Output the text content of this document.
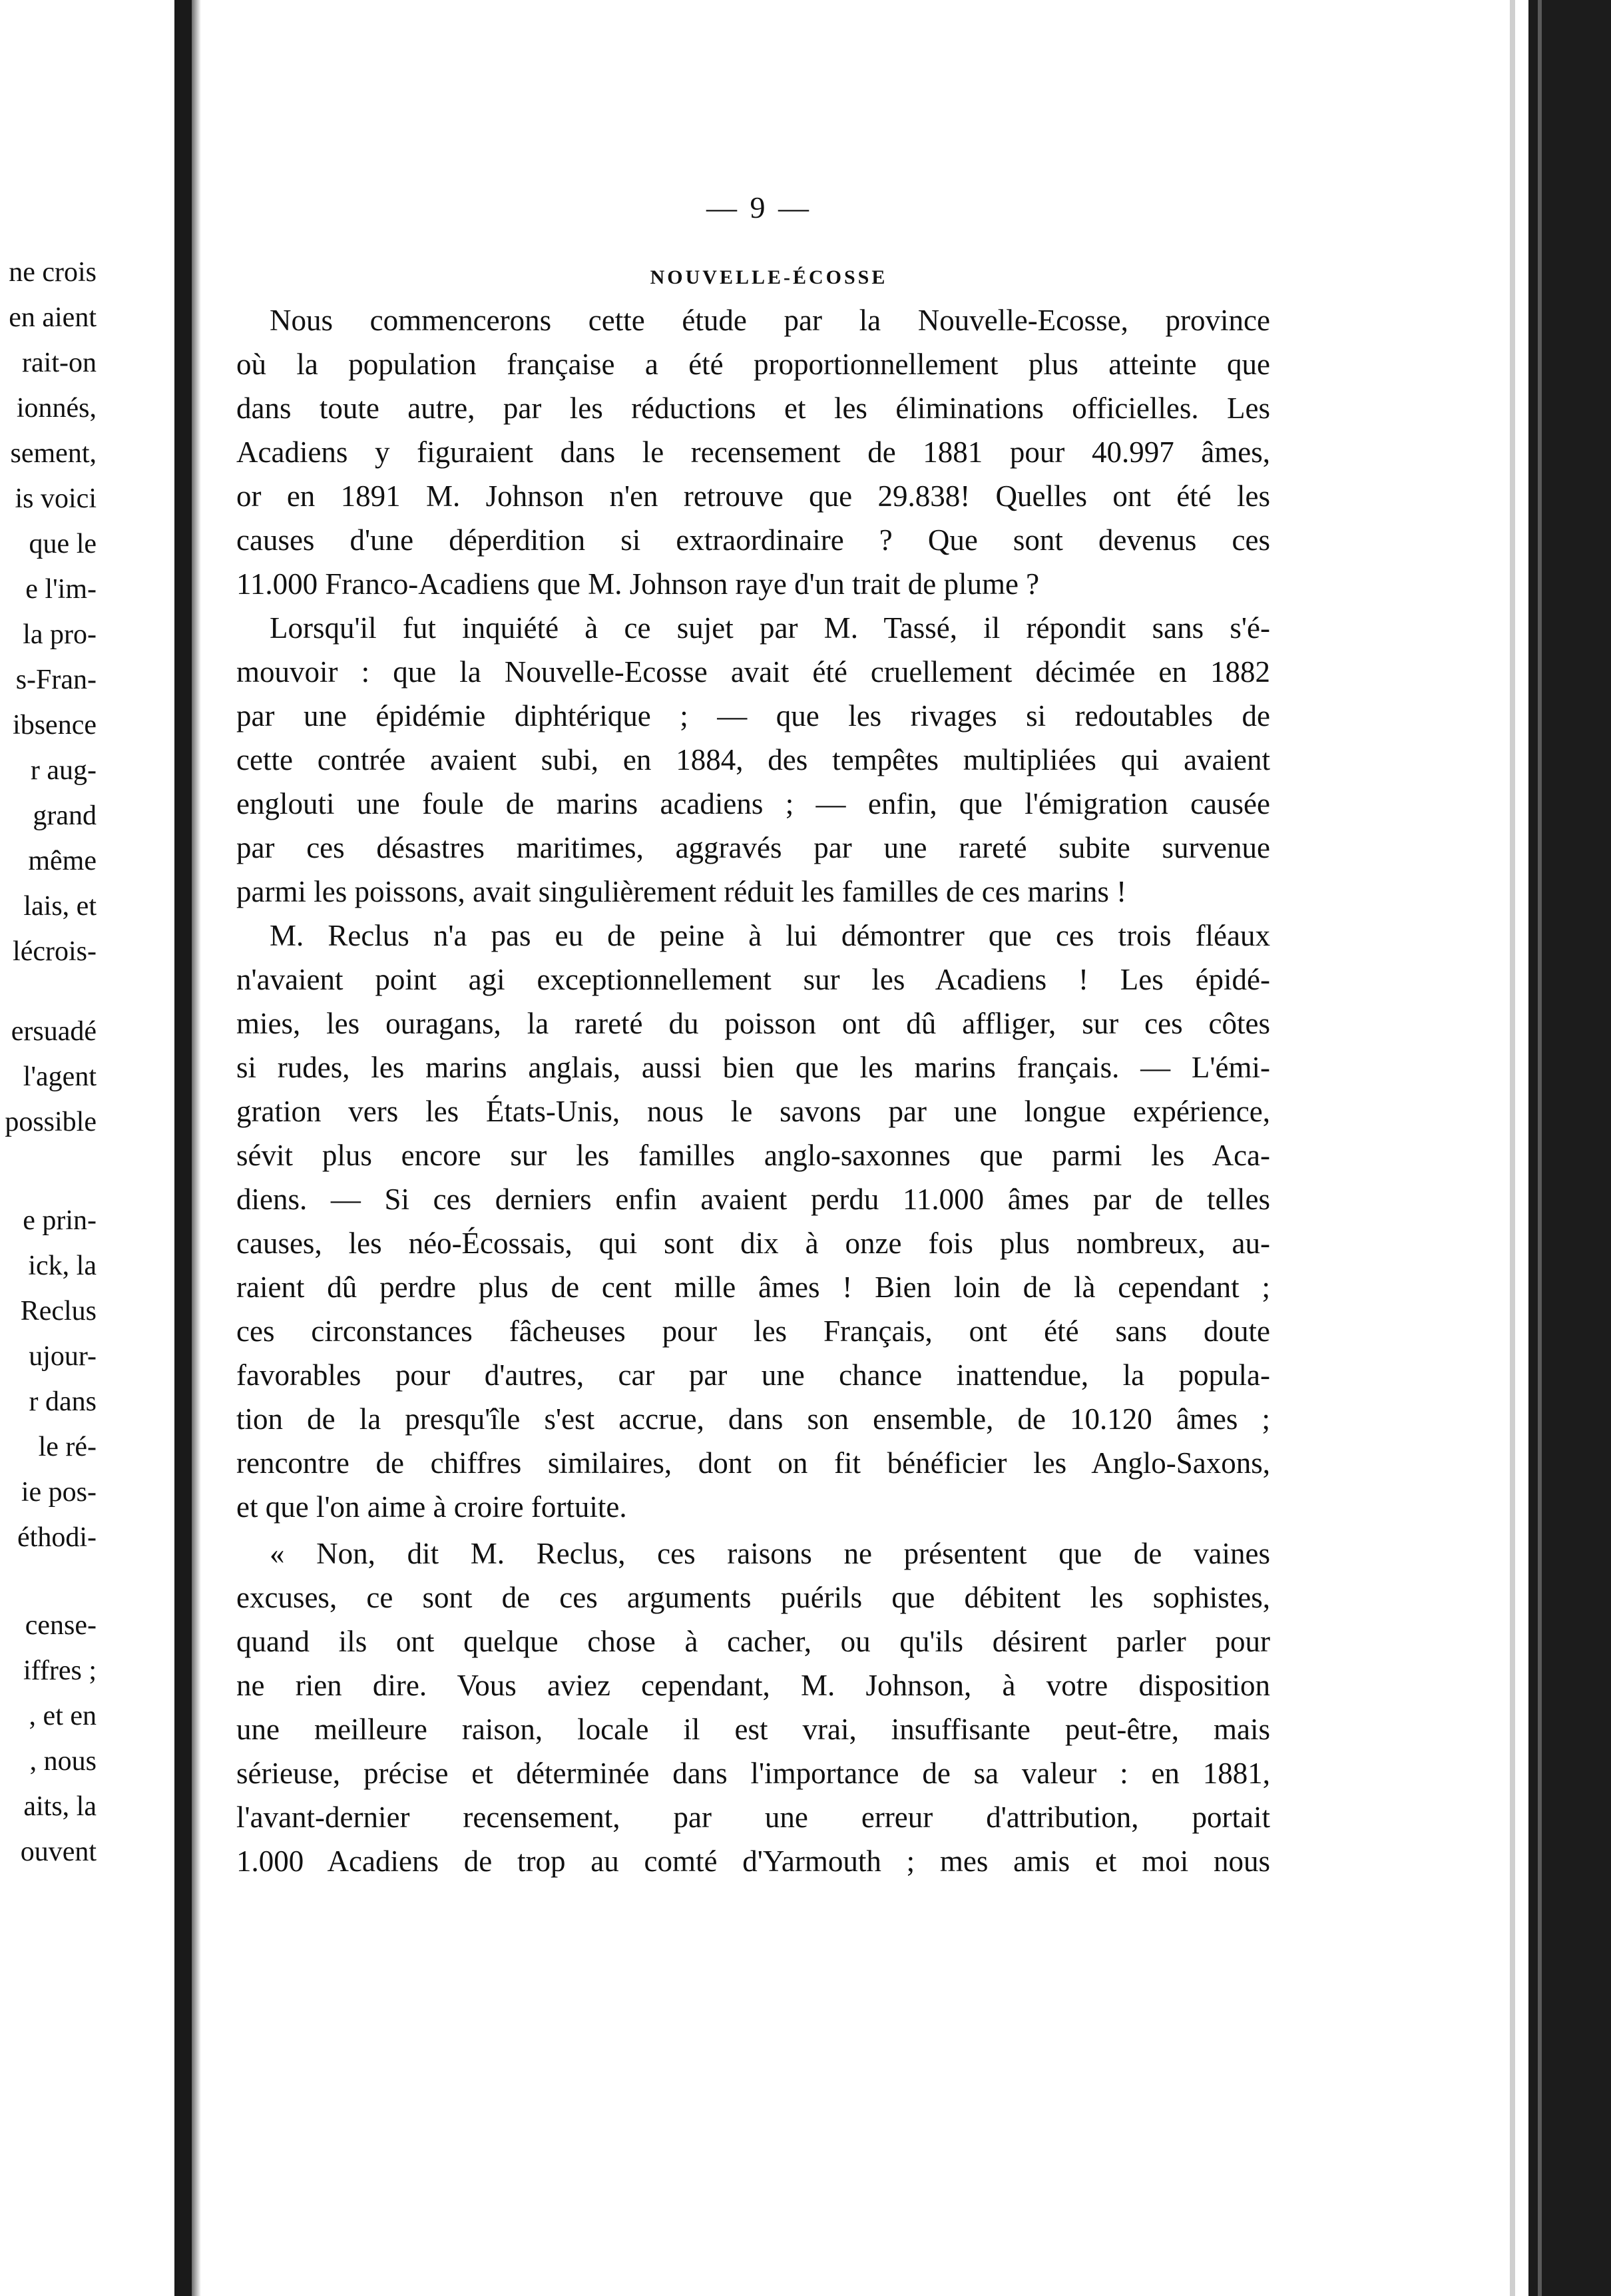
ne crois
en aient
rait-on
ionnés,
sement,
is voici
que le
e l'im-
la pro-
s-Fran-
ibsence
r aug-
grand
même
lais, et
lécrois-
ersuadé
l'agent
possible
e prin-
ick, la
Reclus
ujour-
r dans
le ré-
ie pos-
éthodi-
cense-
iffres ;
, et en
, nous
aits, la
ouvent
— 9 —
NOUVELLE-ÉCOSSE
Nous commencerons cette étude par la Nouvelle-Ecosse, province
où la population française a été proportionnellement plus atteinte que
dans toute autre, par les réductions et les éliminations officielles. Les
Acadiens y figuraient dans le recensement de 1881 pour 40.997 âmes,
or en 1891 M. Johnson n'en retrouve que 29.838! Quelles ont été les
causes d'une déperdition si extraordinaire ? Que sont devenus ces
11.000 Franco-Acadiens que M. Johnson raye d'un trait de plume ?
Lorsqu'il fut inquiété à ce sujet par M. Tassé, il répondit sans s'é-
mouvoir : que la Nouvelle-Ecosse avait été cruellement décimée en 1882
par une épidémie diphtérique ; — que les rivages si redoutables de
cette contrée avaient subi, en 1884, des tempêtes multipliées qui avaient
englouti une foule de marins acadiens ; — enfin, que l'émigration causée
par ces désastres maritimes, aggravés par une rareté subite survenue
parmi les poissons, avait singulièrement réduit les familles de ces marins !
M. Reclus n'a pas eu de peine à lui démontrer que ces trois fléaux
n'avaient point agi exceptionnellement sur les Acadiens ! Les épidé-
mies, les ouragans, la rareté du poisson ont dû affliger, sur ces côtes
si rudes, les marins anglais, aussi bien que les marins français. — L'émi-
gration vers les États-Unis, nous le savons par une longue expérience,
sévit plus encore sur les familles anglo-saxonnes que parmi les Aca-
diens. — Si ces derniers enfin avaient perdu 11.000 âmes par de telles
causes, les néo-Écossais, qui sont dix à onze fois plus nombreux, au-
raient dû perdre plus de cent mille âmes ! Bien loin de là cependant ;
ces circonstances fâcheuses pour les Français, ont été sans doute
favorables pour d'autres, car par une chance inattendue, la popula-
tion de la presqu'île s'est accrue, dans son ensemble, de 10.120 âmes ;
rencontre de chiffres similaires, dont on fit bénéficier les Anglo-Saxons,
et que l'on aime à croire fortuite.
« Non, dit M. Reclus, ces raisons ne présentent que de vaines
excuses, ce sont de ces arguments puérils que débitent les sophistes,
quand ils ont quelque chose à cacher, ou qu'ils désirent parler pour
ne rien dire. Vous aviez cependant, M. Johnson, à votre disposition
une meilleure raison, locale il est vrai, insuffisante peut-être, mais
sérieuse, précise et déterminée dans l'importance de sa valeur : en 1881,
l'avant-dernier recensement, par une erreur d'attribution, portait
1.000 Acadiens de trop au comté d'Yarmouth ; mes amis et moi nous
